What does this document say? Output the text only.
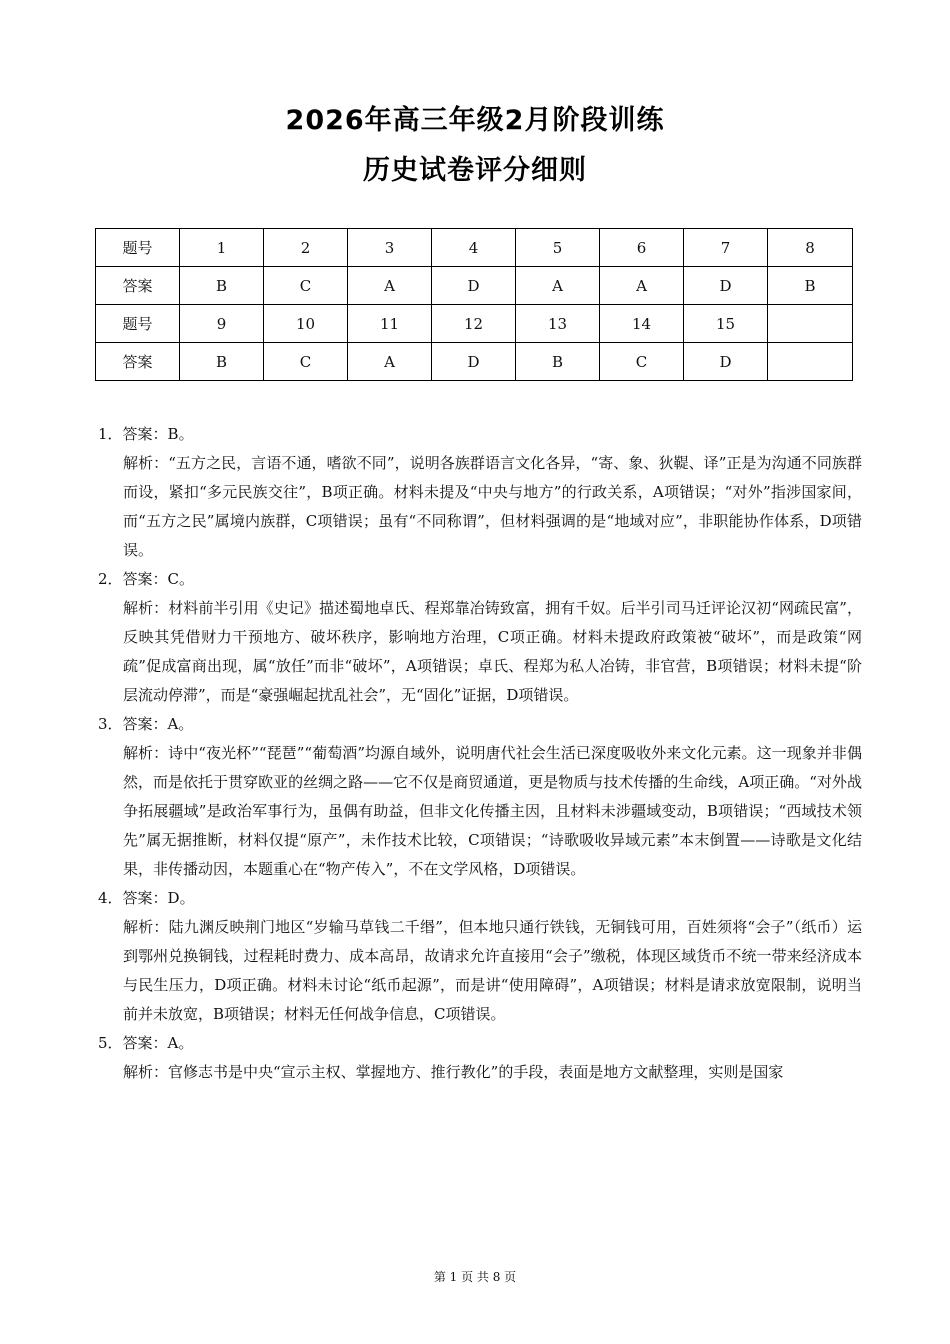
2026年高三年级2月阶段训练
历史试卷评分细则
题号	1	2	3	4	5	6	7	8
答案	B	C	A	D	A	A	D	B
题号	9	10	11	12	13	14	15	
答案	B	C	A	D	B	C	D	

1．答案：B。

解析：“五方之民，言语不通，嗜欲不同”，说明各族群语言文化各异，“寄、象、狄鞮、译”正是为沟通不同族群而设，紧扣“多元民族交往”，B项正确。材料未提及“中央与地方”的行政关系，A项错误；“对外”指涉国家间，而“五方之民”属境内族群，C项错误；虽有“不同称谓”，但材料强调的是“地域对应”，非职能协作体系，D项错误。

2．答案：C。

解析：材料前半引用《史记》描述蜀地卓氏、程郑靠冶铸致富，拥有千奴。后半引司马迁评论汉初“网疏民富”，反映其凭借财力干预地方、破坏秩序，影响地方治理，C项正确。材料未提政府政策被“破坏”，而是政策“网疏”促成富商出现，属“放任”而非“破坏”，A项错误；卓氏、程郑为私人冶铸，非官营，B项错误；材料未提“阶层流动停滞”，而是“豪强崛起扰乱社会”，无“固化”证据，D项错误。

3．答案：A。

解析：诗中“夜光杯”“琵琶”“葡萄酒”均源自域外，说明唐代社会生活已深度吸收外来文化元素。这一现象并非偶然，而是依托于贯穿欧亚的丝绸之路——它不仅是商贸通道，更是物质与技术传播的生命线，A项正确。“对外战争拓展疆域”是政治军事行为，虽偶有助益，但非文化传播主因，且材料未涉疆域变动，B项错误；“西域技术领先”属无据推断，材料仅提“原产”，未作技术比较，C项错误；“诗歌吸收异域元素”本末倒置——诗歌是文化结果，非传播动因，本题重心在“物产传入”，不在文学风格，D项错误。

4．答案：D。

解析：陆九渊反映荆门地区“岁输马草钱二千缗”，但本地只通行铁钱，无铜钱可用，百姓须将“会子”（纸币）运到鄂州兑换铜钱，过程耗时费力、成本高昂，故请求允许直接用“会子”缴税，体现区域货币不统一带来经济成本与民生压力，D项正确。材料未讨论“纸币起源”，而是讲“使用障碍”，A项错误；材料是请求放宽限制，说明当前并未放宽，B项错误；材料无任何战争信息，C项错误。

5．答案：A。

解析：官修志书是中央“宣示主权、掌握地方、推行教化”的手段，表面是地方文献整理，实则是国家

第 1 页 共 8 页
